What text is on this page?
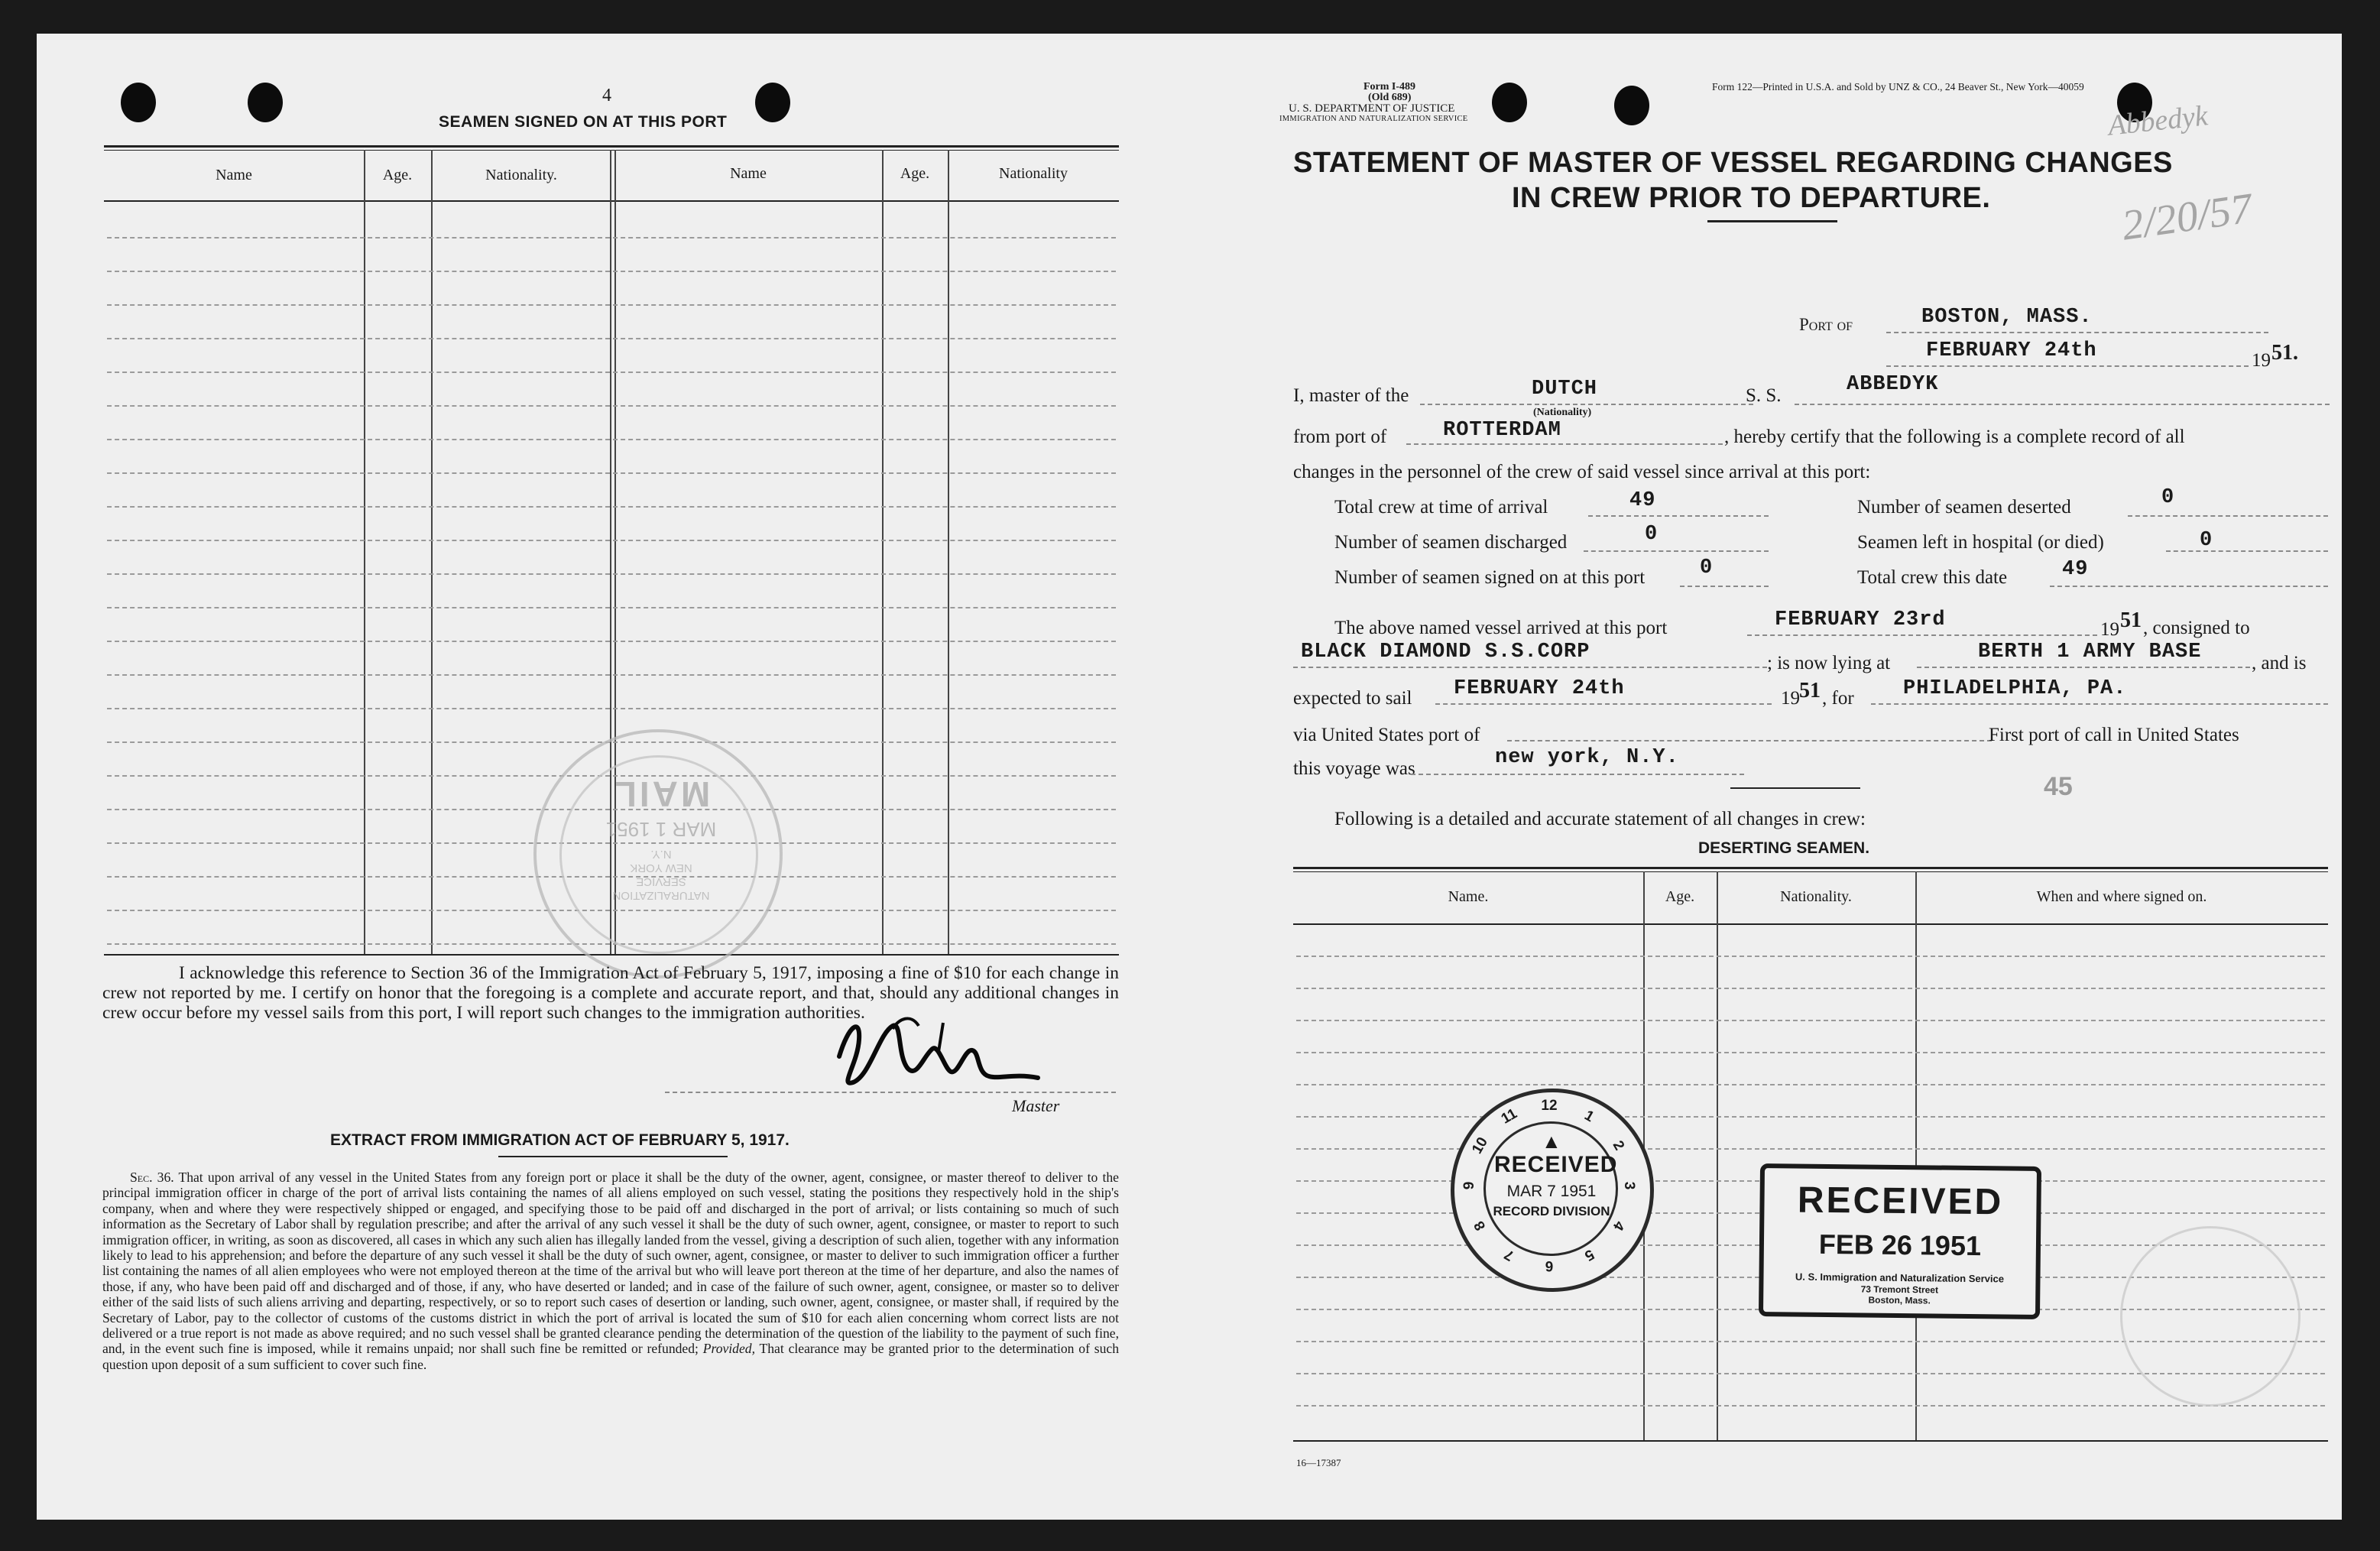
4
SEAMEN SIGNED ON AT THIS PORT
Name	Age.	Nationality.	Name	Age.	Nationality
NATURALIZATION
SERVICE
NEW YORK
N.Y.
MAR 1 1951
MAIL
I acknowledge this reference to Section 36 of the Immigration Act of February 5, 1917, imposing a fine of $10 for each change in crew not reported by me. I certify on honor that the foregoing is a complete and accurate report, and that, should any additional changes in crew occur before my vessel sails from this port, I will report such changes to the immigration authorities.
Master
EXTRACT FROM IMMIGRATION ACT OF FEBRUARY 5, 1917.
Sec. 36. That upon arrival of any vessel in the United States from any foreign port or place it shall be the duty of the owner, agent, consignee, or master thereof to deliver to the principal immigration officer in charge of the port of arrival lists containing the names of all aliens employed on such vessel, stating the positions they respectively hold in the ship's company, when and where they were respectively shipped or engaged, and specifying those to be paid off and discharged in the port of arrival; or lists containing so much of such information as the Secretary of Labor shall by regulation prescribe; and after the arrival of any such vessel it shall be the duty of such owner, agent, consignee, or master to report to such immigration officer, in writing, as soon as discovered, all cases in which any such alien has illegally landed from the vessel, giving a description of such alien, together with any information likely to lead to his apprehension; and before the departure of any such vessel it shall be the duty of such owner, agent, consignee, or master to deliver to such immigration officer a further list containing the names of all alien employees who were not employed thereon at the time of the arrival but who will leave port thereon at the time of her departure, and also the names of those, if any, who have been paid off and discharged and of those, if any, who have deserted or landed; and in case of the failure of such owner, agent, consignee, or master so to deliver either of the said lists of such aliens arriving and departing, respectively, or so to report such cases of desertion or landing, such owner, agent, consignee, or master shall, if required by the Secretary of Labor, pay to the collector of customs of the customs district in which the port of arrival is located the sum of $10 for each alien concerning whom correct lists are not delivered or a true report is not made as above required; and no such vessel shall be granted clearance pending the determination of the question of the liability to the payment of such fine, and, in the event such fine is imposed, while it remains unpaid; nor shall such fine be remitted or refunded; Provided, That clearance may be granted prior to the determination of such question upon deposit of a sum sufficient to cover such fine.
Form I-489
(Old 689)
U. S. DEPARTMENT OF JUSTICE
IMMIGRATION AND NATURALIZATION SERVICE
Form 122—Printed in U.S.A. and Sold by UNZ & CO., 24 Beaver St., New York—40059
Abbedyk
2/20/57
STATEMENT OF MASTER OF VESSEL REGARDING CHANGES
IN CREW PRIOR TO DEPARTURE.
Port of	BOSTON, MASS.
FEBRUARY 24th	19 51.
I, master of the	DUTCH
(Nationality)
S. S.	ABBEDYK
from port of	ROTTERDAM	, hereby certify that the following is a complete record of all
changes in the personnel of the crew of said vessel since arrival at this port:
Total crew at time of arrival	49	Number of seamen deserted	0
Number of seamen discharged	0	Seamen left in hospital (or died)	0
Number of seamen signed on at this port	0	Total crew this date	49
The above named vessel arrived at this port	FEBRUARY 23rd	19 51 , consigned to
BLACK DIAMOND S.S.CORP	; is now lying at	BERTH 1 ARMY BASE	, and is
expected to sail FEBRUARY 24th	19 51 , for PHILADELPHIA, PA.
via United States port of	First port of call in United States
this voyage was	new york, N.Y.
45
Following is a detailed and accurate statement of all changes in crew:
DESERTING SEAMEN.
Name.	Age.	Nationality.	When and where signed on.
16—17387
10
11 12
1
2
3
4
5
6
7
8
9
▲
RECEIVED
MAR 7 1951
RECORD DIVISION	RECEIVED
FEB 26 1951
U. S. Immigration and Naturalization Service
73 Tremont Street
Boston, Mass.
